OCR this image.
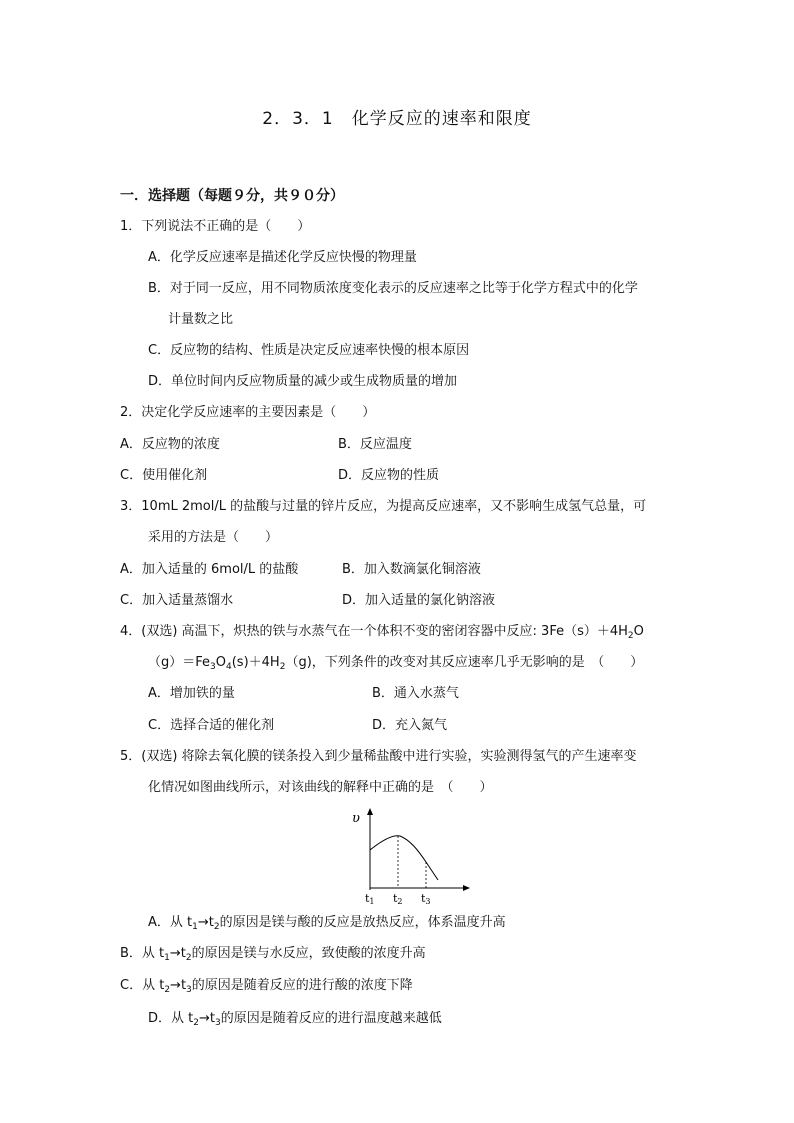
2．3．1　化学反应的速率和限度
一．选择题（每题９分，共９０分）
1．下列说法不正确的是（　　）
A．化学反应速率是描述化学反应快慢的物理量
B．对于同一反应，用不同物质浓度变化表示的反应速率之比等于化学方程式中的化学
计量数之比
C．反应物的结构、性质是决定反应速率快慢的根本原因
D．单位时间内反应物质量的减少或生成物质量的增加
2．决定化学反应速率的主要因素是（　　）
A．反应物的浓度	B．反应温度
C．使用催化剂	D．反应物的性质
3．10mL 2mol/L 的盐酸与过量的锌片反应，为提高反应速率，又不影响生成氢气总量，可
采用的方法是（　　）
A．加入适量的 6mol/L 的盐酸	B．加入数滴氯化铜溶液
C．加入适量蒸馏水	D．加入适量的氯化钠溶液
4．(双选) 高温下，炽热的铁与水蒸气在一个体积不变的密闭容器中反应: $3Fe(s)+4H_2O$
$(g)=Fe_3O_4(s)+4H_2(g)$，下列条件的改变对其反应速率几乎无影响的是　（　　）
A．增加铁的量	B．通入水蒸气
C．选择合适的催化剂	D．充入氮气
5．(双选) 将除去氧化膜的镁条投入到少量稀盐酸中进行实验，实验测得氢气的产生速率变
化情况如图曲线所示，对该曲线的解释中正确的是　（　　）
υ
t1 t2 t3
A．从 $t_1\to t_2$的原因是镁与酸的反应是放热反应，体系温度升高
B．从 $t_1\to t_2$的原因是镁与水反应，致使酸的浓度升高
C．从 $t_2\to t_3$的原因是随着反应的进行酸的浓度下降
D．从 $t_2\to t_3$的原因是随着反应的进行温度越来越低
